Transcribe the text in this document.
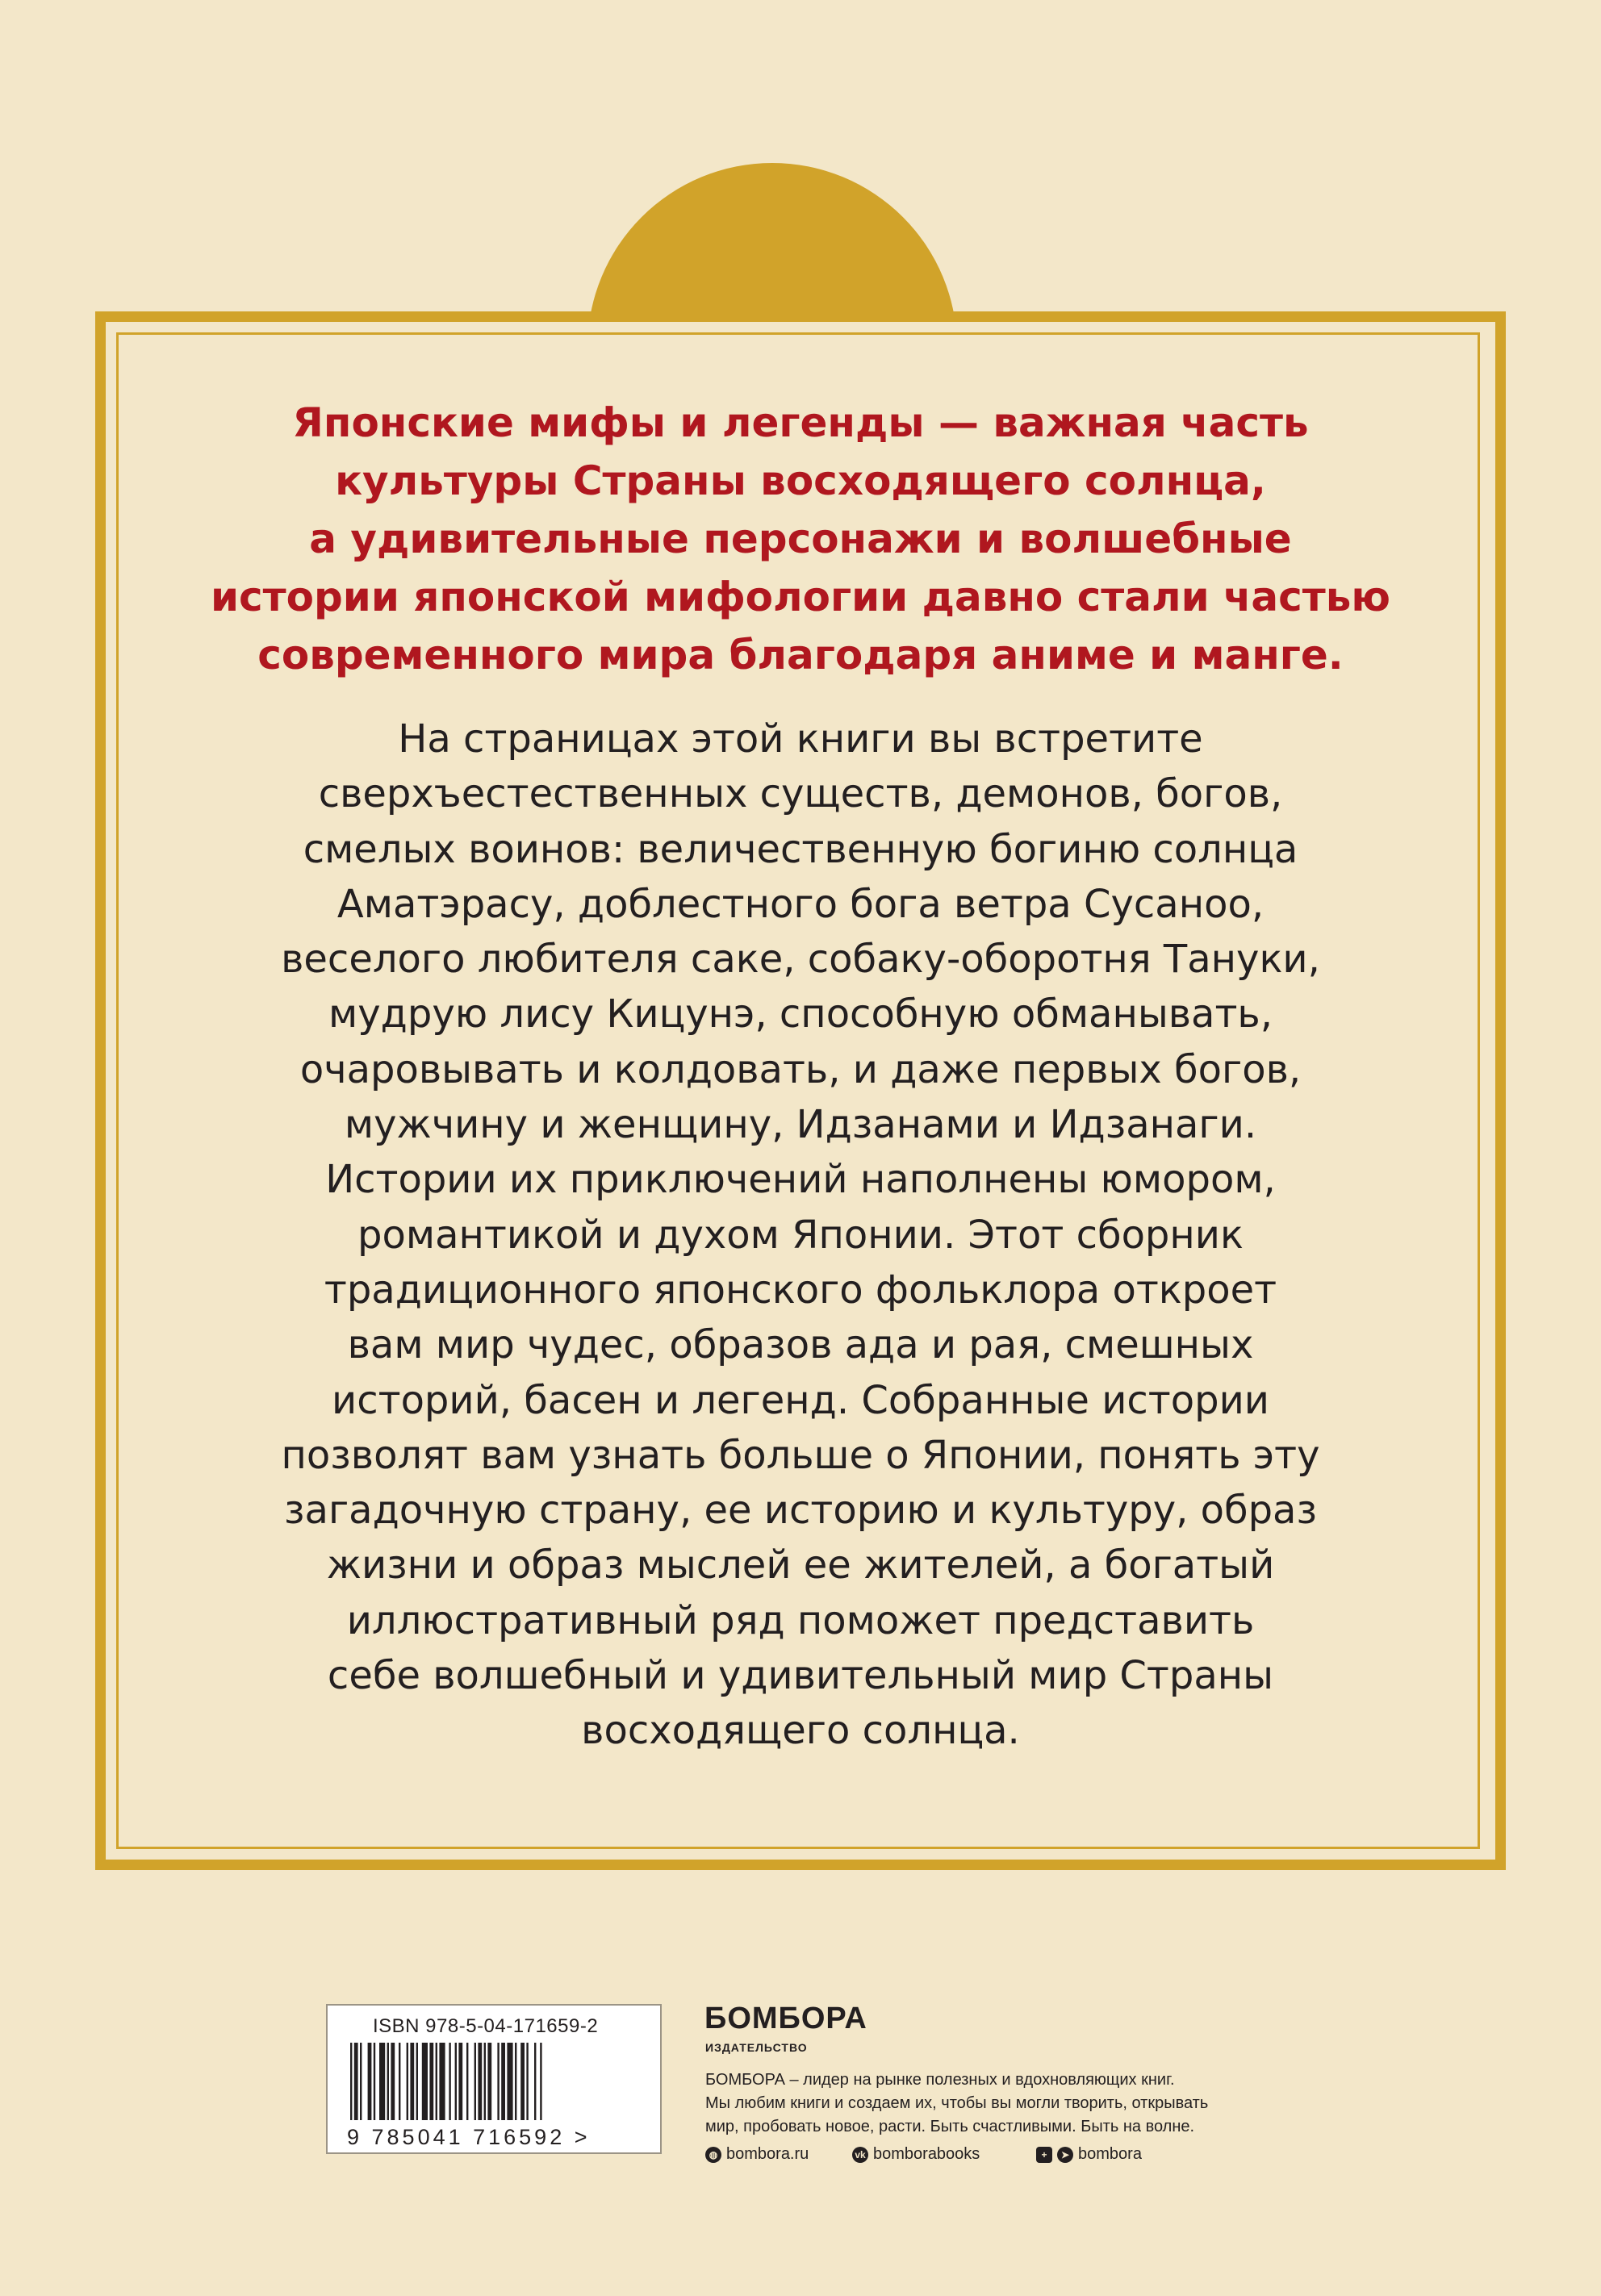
Японские мифы и легенды — важная часть
культуры Страны восходящего солнца,
а удивительные персонажи и волшебные
истории японской мифологии давно стали частью
современного мира благодаря аниме и манге.
На страницах этой книги вы встретите
сверхъестественных существ, демонов, богов,
смелых воинов: величественную богиню солнца
Аматэрасу, доблестного бога ветра Сусаноо,
веселого любителя саке, собаку-оборотня Тануки,
мудрую лису Кицунэ, способную обманывать,
очаровывать и колдовать, и даже первых богов,
мужчину и женщину, Идзанами и Идзанаги.
Истории их приключений наполнены юмором,
романтикой и духом Японии. Этот сборник
традиционного японского фольклора откроет
вам мир чудес, образов ада и рая, смешных
историй, басен и легенд. Собранные истории
позволят вам узнать больше о Японии, понять эту
загадочную страну, ее историю и культуру, образ
жизни и образ мыслей ее жителей, а богатый
иллюстративный ряд поможет представить
себе волшебный и удивительный мир Страны
восходящего солнца.
ISBN 978-5-04-171659-2
9 785041 716592 >
БОМБОРА
ИЗДАТЕЛЬСТВО
БОМБОРА – лидер на рынке полезных и вдохновляющих книг.
Мы любим книги и создаем их, чтобы вы могли творить, открывать
мир, пробовать новое, расти. Быть счастливыми. Быть на волне.
◍ bombora.ru	vk bomborabooks	+	➤ bombora
